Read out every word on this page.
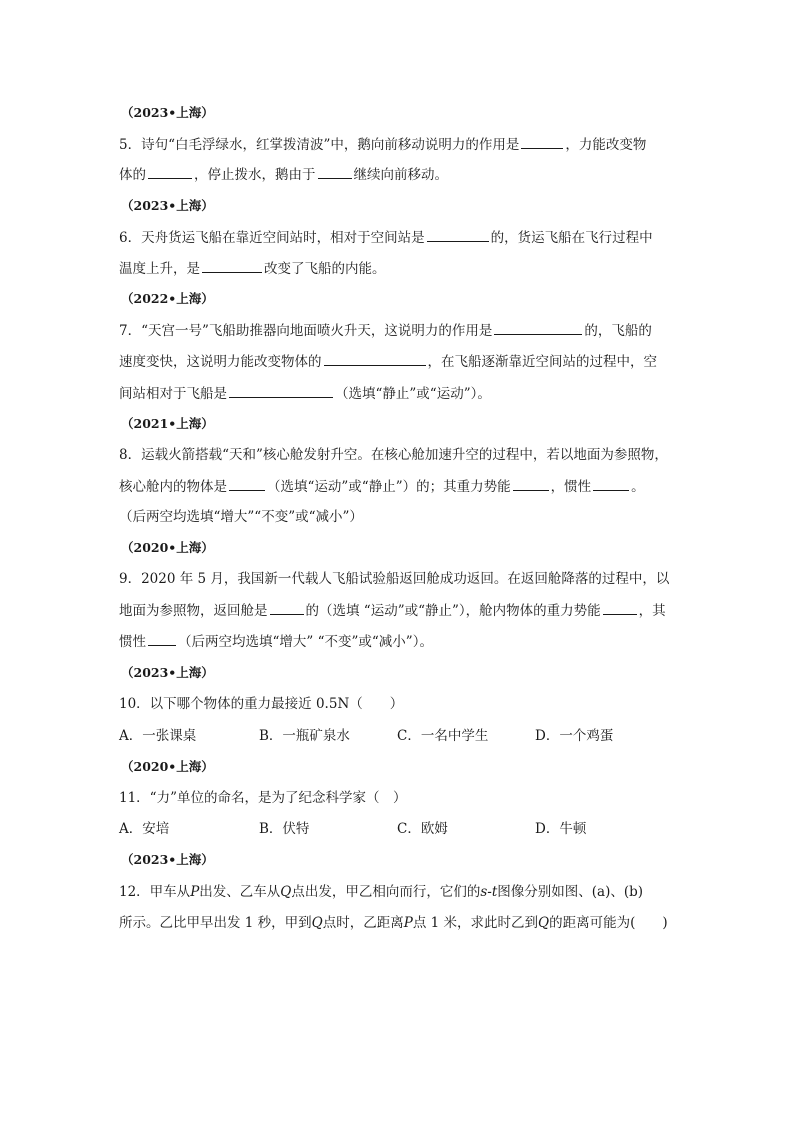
（2023•上海）
5．诗句“白毛浮绿水，红掌拨清波”中，鹅向前移动说明力的作用是	，力能改变物
体的	，停止拨水，鹅由于	继续向前移动。
（2023•上海）
6．天舟货运飞船在靠近空间站时，相对于空间站是	的，货运飞船在飞行过程中
温度上升，是	改变了飞船的内能。
（2022•上海）
7．“天宫一号”飞船助推器向地面喷火升天，这说明力的作用是	的，飞船的
速度变快，这说明力能改变物体的	，在飞船逐渐靠近空间站的过程中，空
间站相对于飞船是	（选填“静止”或“运动”）。
（2021•上海）
8．运载火箭搭载“天和”核心舱发射升空。在核心舱加速升空的过程中，若以地面为参照物，
核心舱内的物体是	（选填“运动”或“静止”）的；其重力势能	，惯性	。
（后两空均选填“增大”“不变”或“减小”）
（2020•上海）
9．2020 年 5 月，我国新一代载人飞船试验船返回舱成功返回。在返回舱降落的过程中，以
地面为参照物，返回舱是	的（选填 “运动”或“静止”），舱内物体的重力势能	，其
惯性 （后两空均选填“增大” “不变”或“减小”）。
（2023•上海）
10．以下哪个物体的重力最接近 0.5N（　　）
A．一张课桌	B．一瓶矿泉水	C．一名中学生	D．一个鸡蛋
（2020•上海）
11．“力”单位的命名，是为了纪念科学家（　）
A．安培	B．伏特	C．欧姆	D．牛顿
（2023•上海）
12．甲车从P出发、乙车从Q点出发，甲乙相向而行，它们的s-t图像分别如图、(a)、(b)
所示。乙比甲早出发 1 秒，甲到Q点时，乙距离P点 1 米，求此时乙到Q的距离可能为(　　)
